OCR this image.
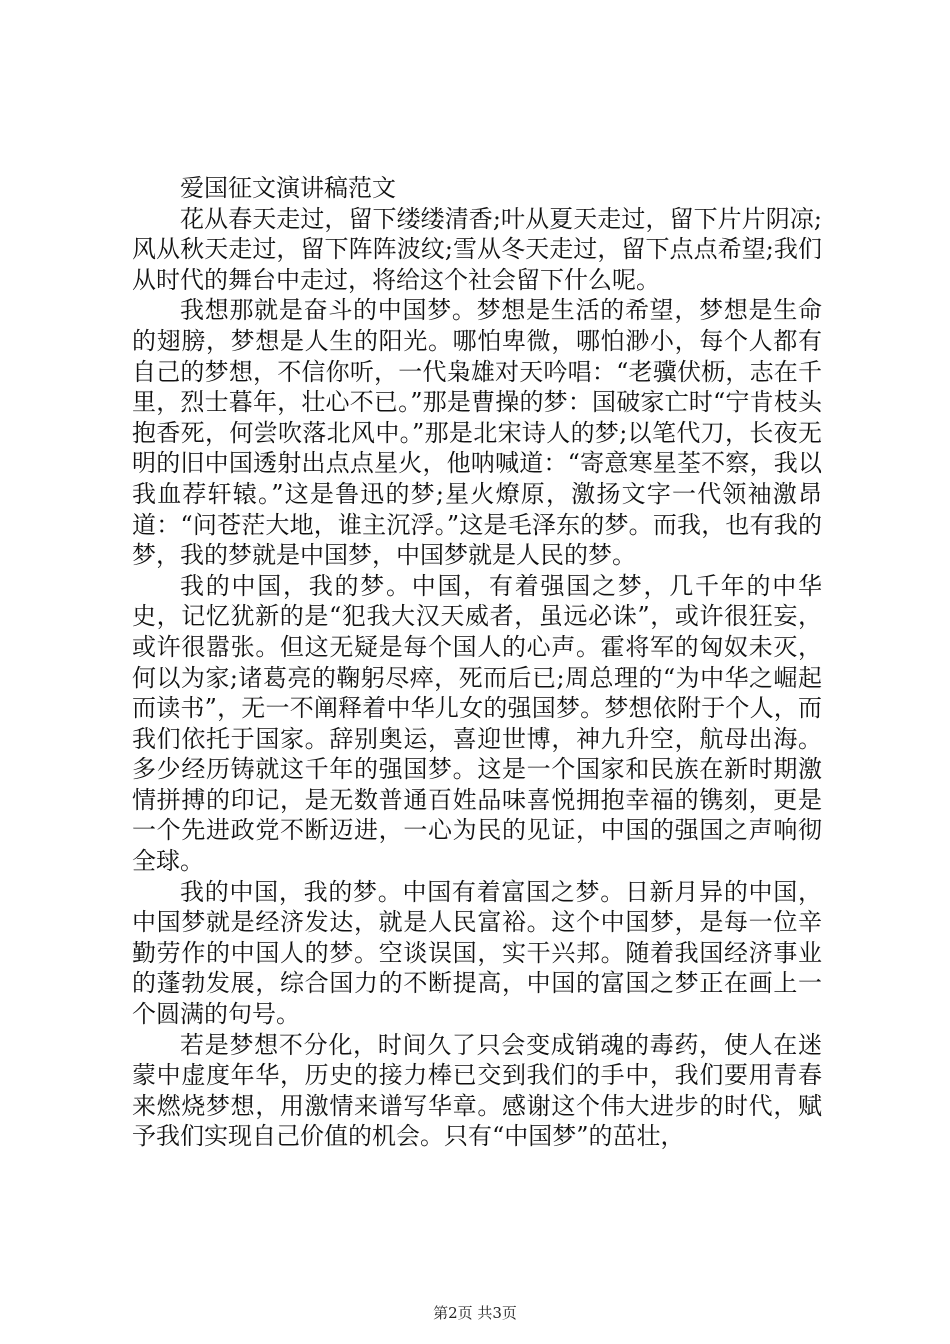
爱国征文演讲稿范文

花从春天走过，留下缕缕清香;叶从夏天走过，留下片片阴凉;风从秋天走过，留下阵阵波纹;雪从冬天走过，留下点点希望;我们从时代的舞台中走过，将给这个社会留下什么呢。

我想那就是奋斗的中国梦。梦想是生活的希望，梦想是生命的翅膀，梦想是人生的阳光。哪怕卑微，哪怕渺小，每个人都有自己的梦想，不信你听，一代枭雄对天吟唱：“老骥伏枥，志在千里，烈士暮年，壮心不已。”那是曹操的梦：国破家亡时“宁肯枝头抱香死，何尝吹落北风中。”那是北宋诗人的梦;以笔代刀，长夜无明的旧中国透射出点点星火，他呐喊道：“寄意寒星荃不察，我以我血荐轩辕。”这是鲁迅的梦;星火燎原，激扬文字一代领袖激昂道：“问苍茫大地，谁主沉浮。”这是毛泽东的梦。而我，也有我的梦，我的梦就是中国梦，中国梦就是人民的梦。

我的中国，我的梦。中国，有着强国之梦，几千年的中华史，记忆犹新的是“犯我大汉天威者，虽远必诛”，或许很狂妄，或许很嚣张。但这无疑是每个国人的心声。霍将军的匈奴未灭，何以为家;诸葛亮的鞠躬尽瘁，死而后已;周总理的“为中华之崛起而读书”，无一不阐释着中华儿女的强国梦。梦想依附于个人，而我们依托于国家。辞别奥运，喜迎世博，神九升空，航母出海。多少经历铸就这千年的强国梦。这是一个国家和民族在新时期激情拼搏的印记，是无数普通百姓品味喜悦拥抱幸福的镌刻，更是一个先进政党不断迈进，一心为民的见证，中国的强国之声响彻全球。

我的中国，我的梦。中国有着富国之梦。日新月异的中国，中国梦就是经济发达，就是人民富裕。这个中国梦，是每一位辛勤劳作的中国人的梦。空谈误国，实干兴邦。随着我国经济事业的蓬勃发展，综合国力的不断提高，中国的富国之梦正在画上一个圆满的句号。

若是梦想不分化，时间久了只会变成销魂的毒药，使人在迷蒙中虚度年华，历史的接力棒已交到我们的手中，我们要用青春来燃烧梦想，用激情来谱写华章。感谢这个伟大进步的时代，赋予我们实现自己价值的机会。只有“中国梦”的茁壮，

第2页 共3页
